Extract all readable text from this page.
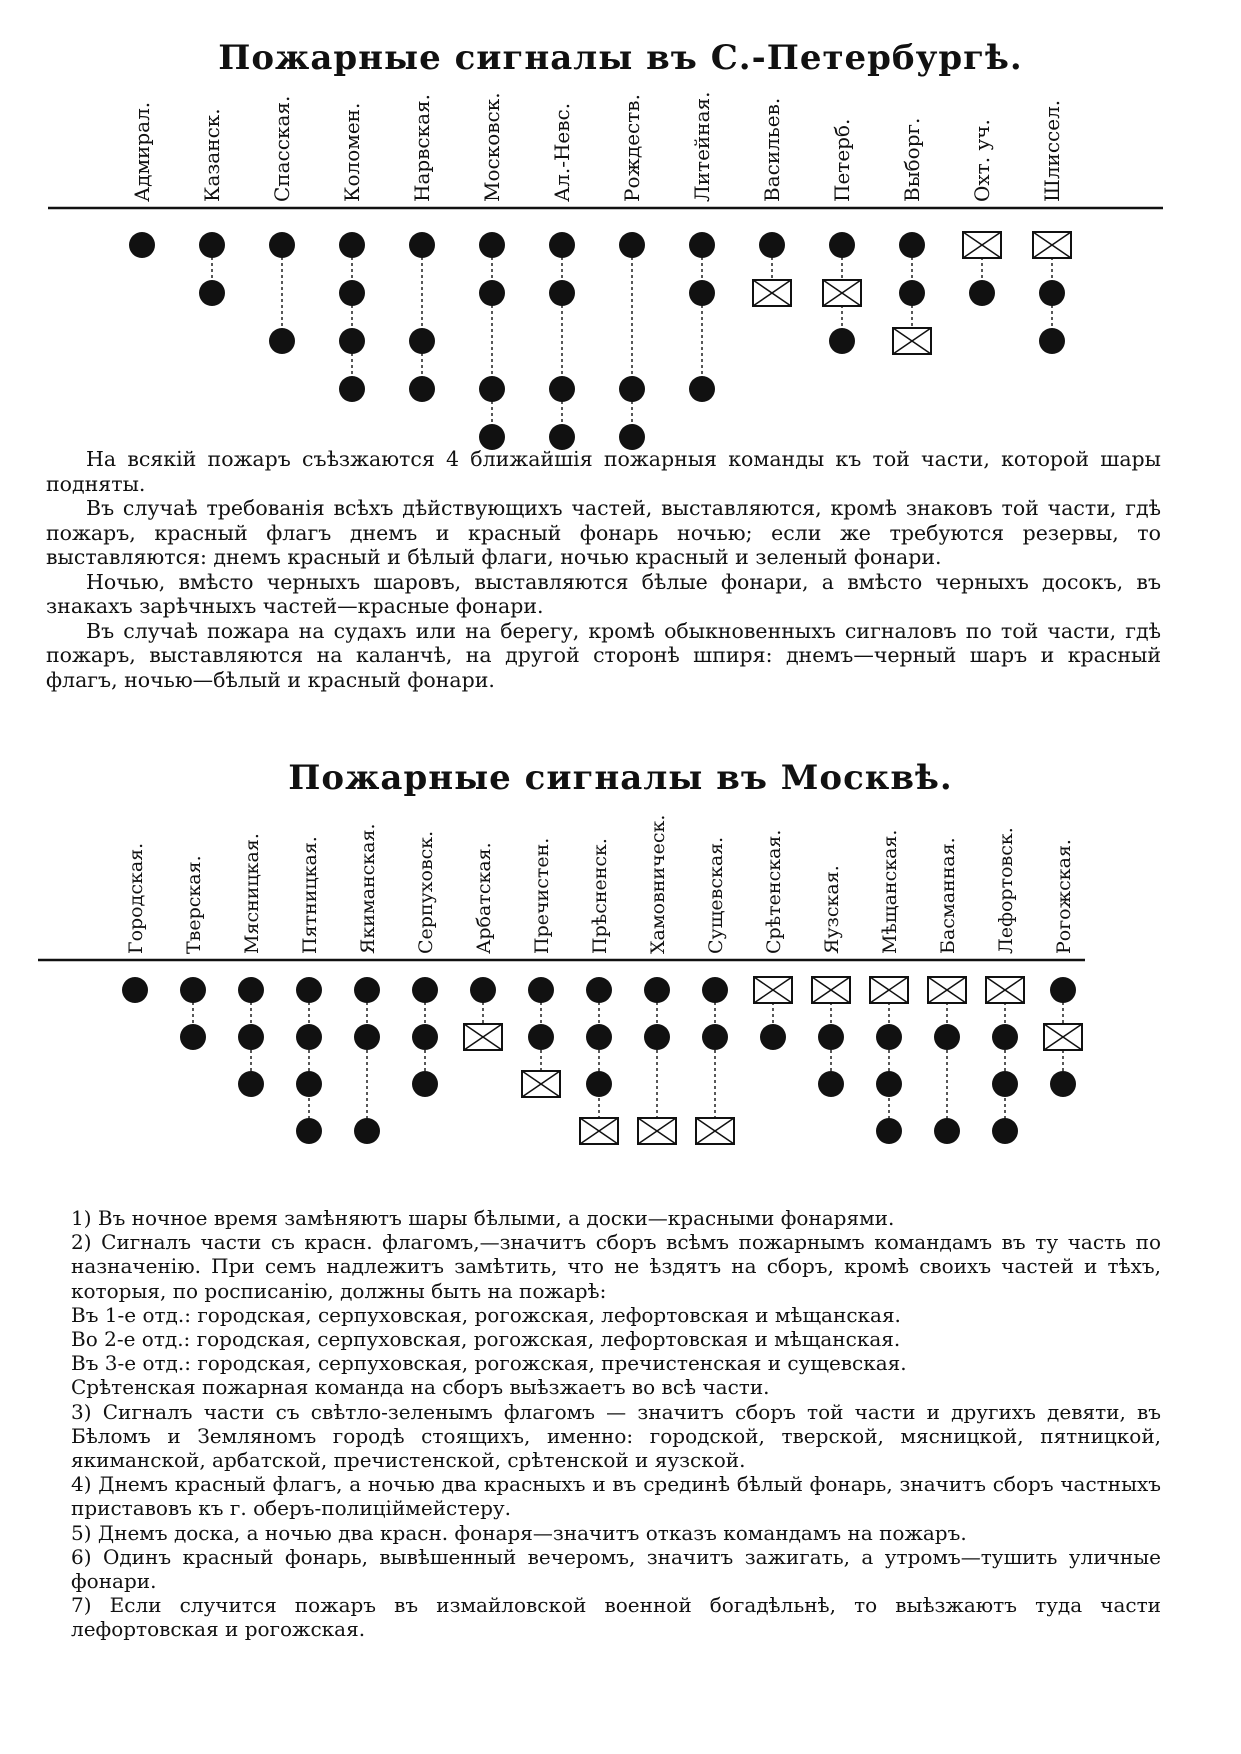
Пожарные сигналы въ С.-Петербургѣ.
Адмирал. Казанск. Спасская. Коломен. Нарвская. Московск. Ал.-Невс. Рождеств. Литейная. Васильев. Петерб. Выборг. Охт. уч. Шлиссел.

На всякій пожаръ съѣзжаются 4 ближайшія пожарныя команды къ той части, которой шары подняты.

Въ случаѣ требованія всѣхъ дѣйствующихъ частей, выставляются, кромѣ знаковъ той части, гдѣ пожаръ, красный флагъ днемъ и красный фонарь ночью; если же требуются резервы, то выставляются: днемъ красный и бѣлый флаги, ночью красный и зеленый фонари.

Ночью, вмѣсто черныхъ шаровъ, выставляются бѣлые фонари, а вмѣсто черныхъ досокъ, въ знакахъ зарѣчныхъ частей—красные фонари.

Въ случаѣ пожара на судахъ или на берегу, кромѣ обыкновенныхъ сигналовъ по той части, гдѣ пожаръ, выставляются на каланчѣ, на другой сторонѣ шпиря: днемъ—черный шаръ и красный флагъ, ночью—бѣлый и красный фонари.

Пожарные сигналы въ Москвѣ.
Городская. Тверская. Мясницкая. Пятницкая. Якиманская. Серпуховск. Арбатская. Пречистен. Прѣсненск. Хамовническ. Сущевская. Срѣтенская. Яузская. Мѣщанская. Басманная. Лефортовск. Рогожская.

1) Въ ночное время замѣняютъ шары бѣлыми, а доски—красными фонарями.

2) Сигналъ части съ красн. флагомъ,—значитъ сборъ всѣмъ пожарнымъ командамъ въ ту часть по назначенію. При семъ надлежитъ замѣтить, что не ѣздятъ на сборъ, кромѣ своихъ частей и тѣхъ, которыя, по росписанію, должны быть на пожарѣ:

Въ 1-е отд.: городская, серпуховская, рогожская, лефортовская и мѣщанская.

Во 2-е отд.: городская, серпуховская, рогожская, лефортовская и мѣщанская.

Въ 3-е отд.: городская, серпуховская, рогожская, пречистенская и сущевская.

Срѣтенская пожарная команда на сборъ выѣзжаетъ во всѣ части.

3) Сигналъ части съ свѣтло-зеленымъ флагомъ — значитъ сборъ той части и другихъ девяти, въ Бѣломъ и Земляномъ городѣ стоящихъ, именно: городской, тверской, мясницкой, пятницкой, якиманской, арбатской, пречистенской, срѣтенской и яузской.

4) Днемъ красный флагъ, а ночью два красныхъ и въ срединѣ бѣлый фонарь, значитъ сборъ частныхъ приставовъ къ г. оберъ-полицiймейстеру.

5) Днемъ доска, а ночью два красн. фонаря—значитъ отказъ командамъ на пожаръ.

6) Одинъ красный фонарь, вывѣшенный вечеромъ, значитъ зажигать, а утромъ—тушить уличные фонари.

7) Если случится пожаръ въ измайловской военной богадѣльнѣ, то выѣзжаютъ туда части лефортовская и рогожская.
